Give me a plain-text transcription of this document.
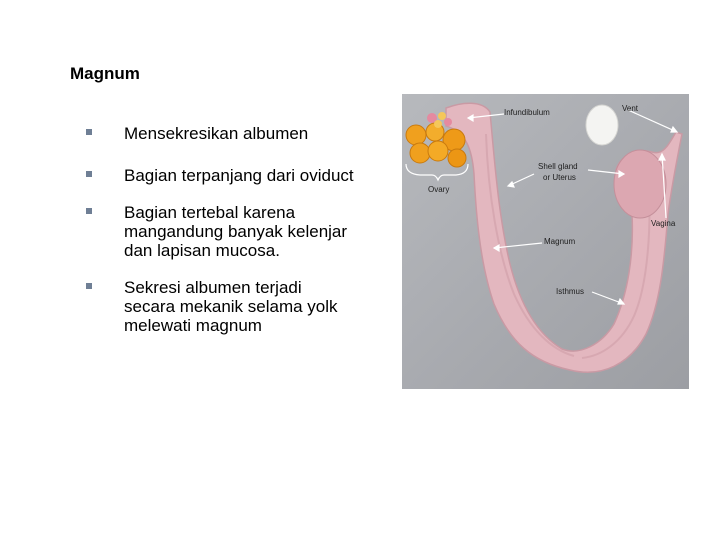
Magnum
Mensekresikan albumen
Bagian terpanjang dari oviduct
Bagian tertebal karena mangandung banyak kelenjar dan lapisan mucosa.
Sekresi albumen terjadi secara mekanik selama yolk melewati magnum
Infundibulum	Vent
Ovary
Shell gland
or Uterus
Vagina
Magnum
Isthmus
